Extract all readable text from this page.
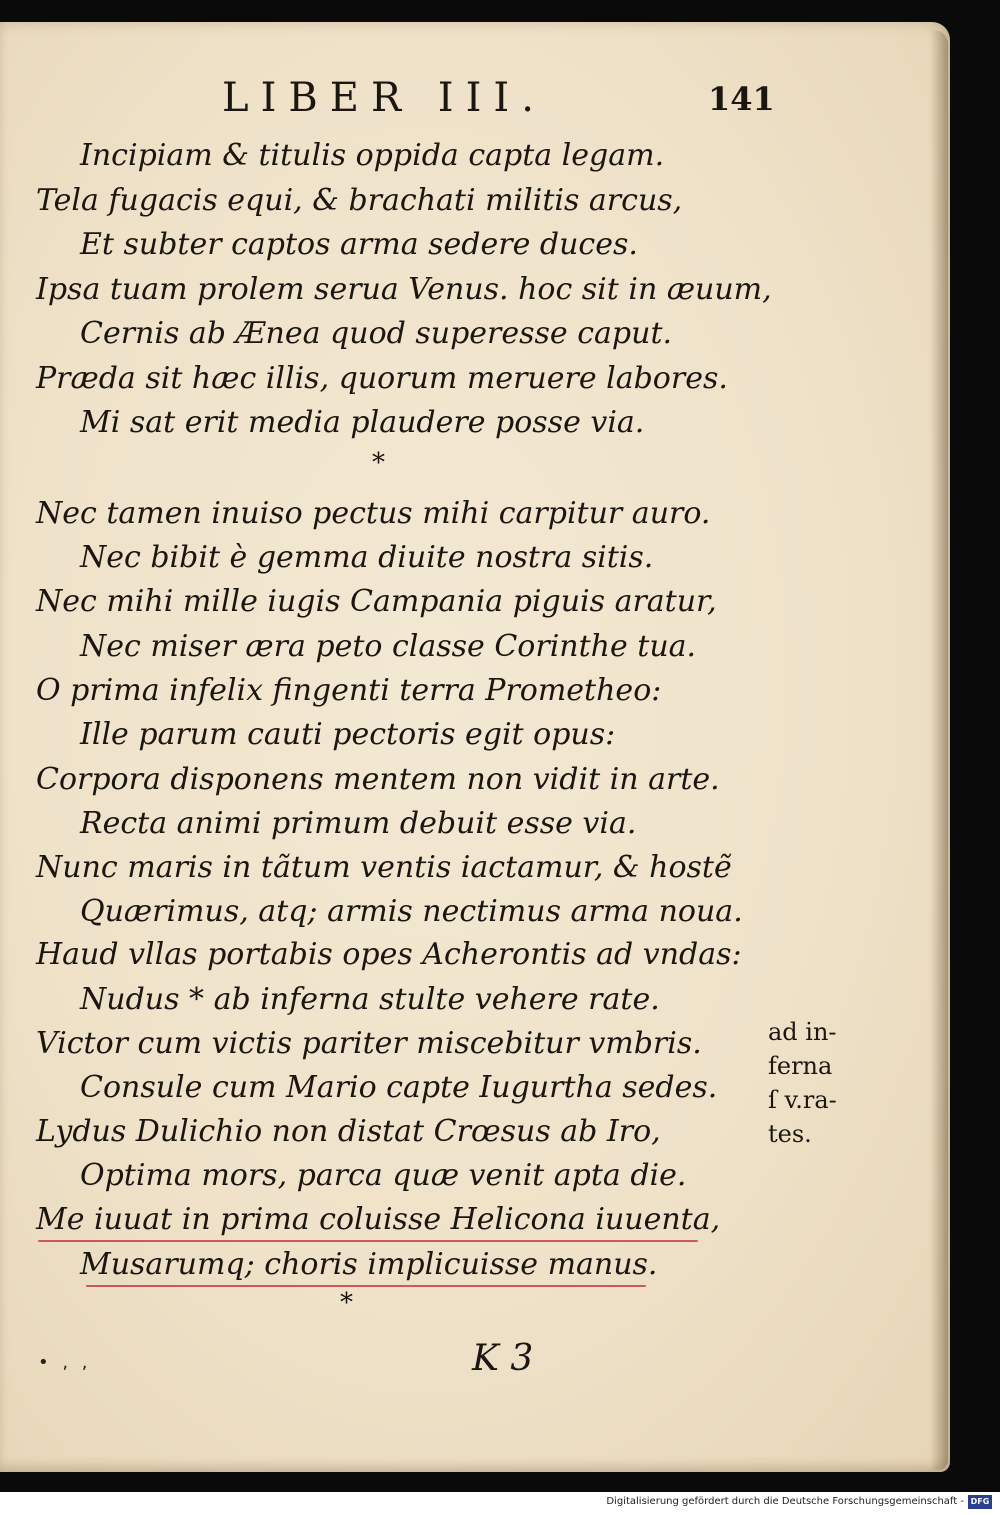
LIBER III.	141
Incipiam & titulis oppida capta legam.
Tela fugacis equi, & brachati militis arcus,
Et subter captos arma sedere duces.
Ipsa tuam prolem serua Venus. hoc sit in æuum,
Cernis ab Ænea quod superesse caput.
Præda sit hæc illis, quorum meruere labores.
Mi sat erit media plaudere posse via.
*
Nec tamen inuiso pectus mihi carpitur auro.
Nec bibit è gemma diuite nostra sitis.
Nec mihi mille iugis Campania piguis aratur,
Nec miser æra peto classe Corinthe tua.
O prima infelix fingenti terra Prometheo:
Ille parum cauti pectoris egit opus:
Corpora disponens mentem non vidit in arte.
Recta animi primum debuit esse via.
Nunc maris in tãtum ventis iactamur, & hostẽ
Quærimus, atq; armis nectimus arma noua.
Haud vllas portabis opes Acherontis ad vndas:
Nudus * ab inferna stulte vehere rate.
Victor cum victis pariter miscebitur vmbris.
Consule cum Mario capte Iugurtha sedes.
Lydus Dulichio non distat Crœsus ab Iro,
Optima mors, parca quæ venit apta die.
Me iuuat in prima coluisse Helicona iuuenta,
Musarumq; choris implicuisse manus.
*
ad in-
ferna
ſ v.ra-
tes.
• , ,	K 3
Digitalisierung gefördert durch die Deutsche Forschungsgemeinschaft - DFG
